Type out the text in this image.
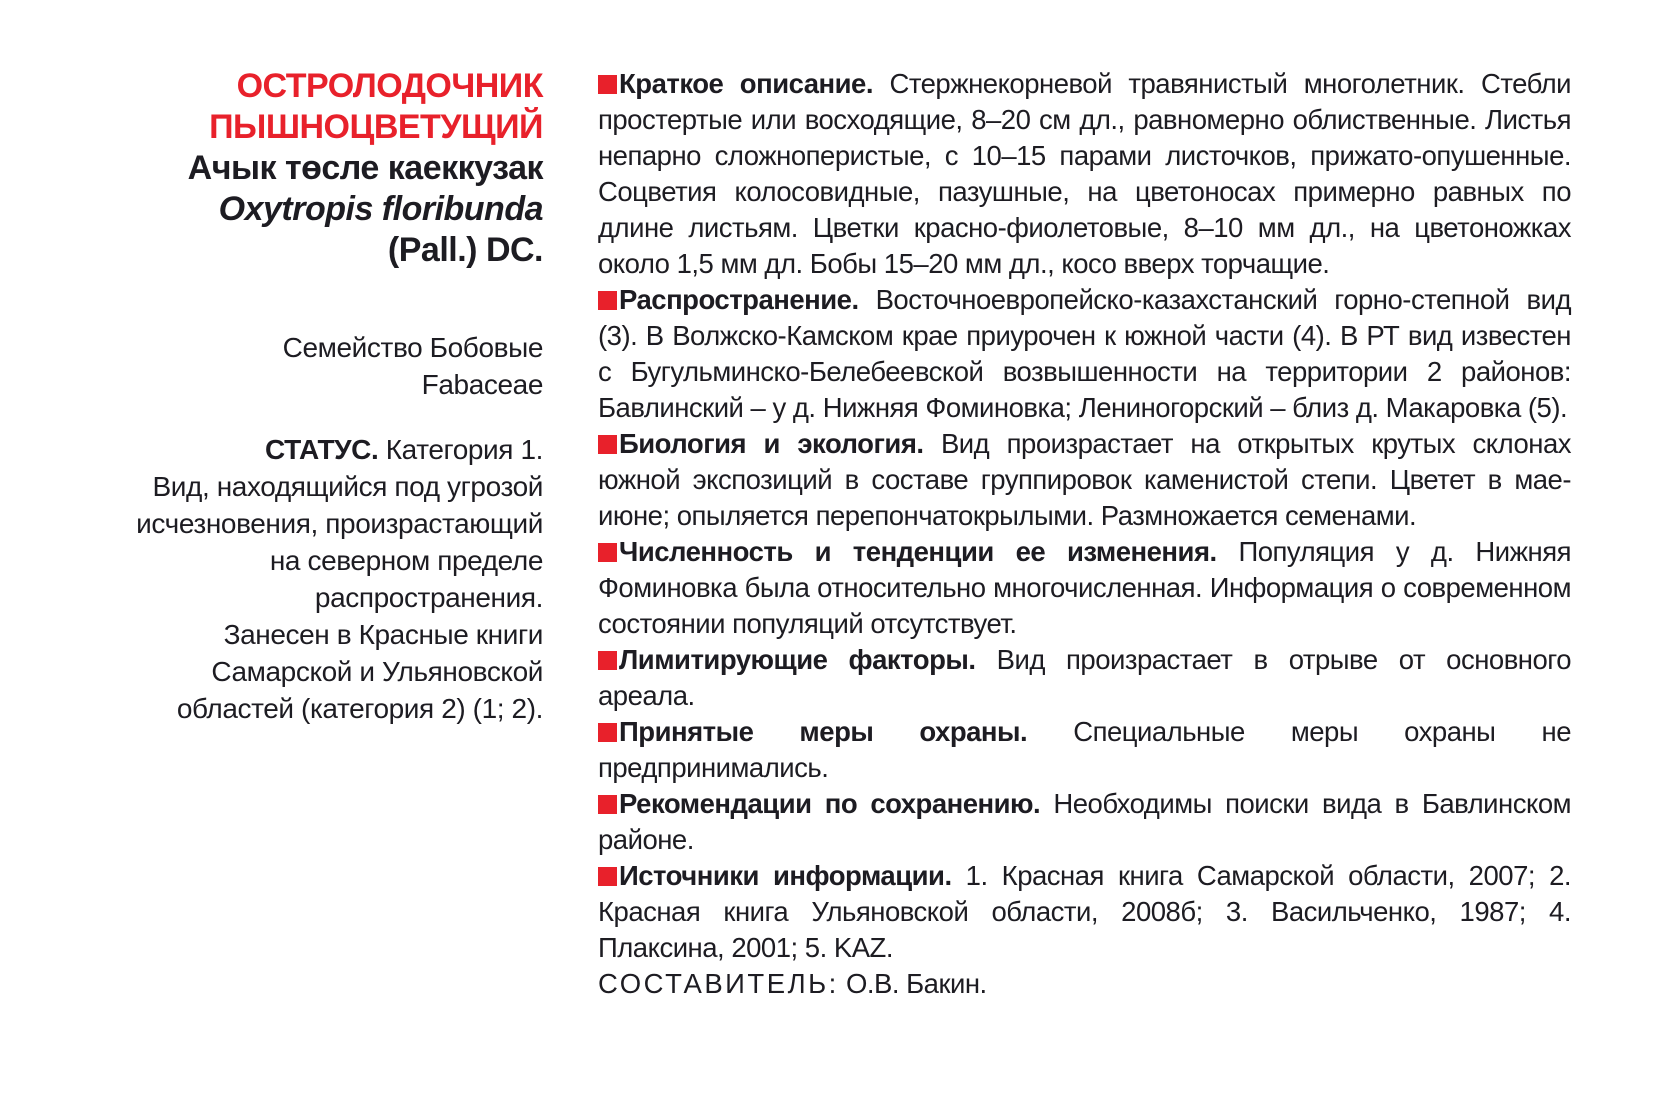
ОСТРОЛОДОЧНИК
ПЫШНОЦВЕТУЩИЙ
Ачык төсле каеккузак
Oxytropis floribunda
(Pall.) DC.
Семейство Бобовые
Fabaceae
СТАТУС. Категория 1.
Вид, находящийся под угрозой
исчезновения, произрастающий
на северном пределе
распространения.
Занесен в Красные книги
Самарской и Ульяновской
областей (категория 2) (1; 2).

Краткое описание. Стержнекорневой травянистый многолетник. Стебли простертые или восходящие, 8–20 см дл., равномерно облиственные. Листья непарно сложноперистые, с 10–15 парами листочков, прижато-опушенные. Соцветия колосовидные, пазушные, на цветоносах примерно равных по длине листьям. Цветки красно-фиолетовые, 8–10 мм дл., на цветоножках около 1,5 мм дл. Бобы 15–20 мм дл., косо вверх торчащие.

Распространение. Восточноевропейско-казахстанский горно-степной вид (3). В Волжско-Камском крае приурочен к южной части (4). В РТ вид известен с Бугульминско-Белебеевской возвышенности на территории 2 районов: Бавлинский – у д. Нижняя Фоминовка; Лениногорский – близ д. Макаровка (5).

Биология и экология. Вид произрастает на открытых крутых склонах южной экспозиций в составе группировок каменистой степи. Цветет в мае-июне; опыляется перепончатокрылыми. Размножается семенами.

Численность и тенденции ее изменения. Популяция у д. Нижняя Фоминовка была относительно многочисленная. Информация о современном состоянии популяций отсутствует.

Лимитирующие факторы. Вид произрастает в отрыве от основного ареала.

Принятые меры охраны. Специальные меры охраны не предпринимались.

Рекомендации по сохранению. Необходимы поиски вида в Бавлинском районе.

Источники информации. 1. Красная книга Самарской области, 2007; 2. Красная книга Ульяновской области, 2008б; 3. Васильченко, 1987; 4. Плаксина, 2001; 5. KAZ.

СОСТАВИТЕЛЬ: О.В. Бакин.
